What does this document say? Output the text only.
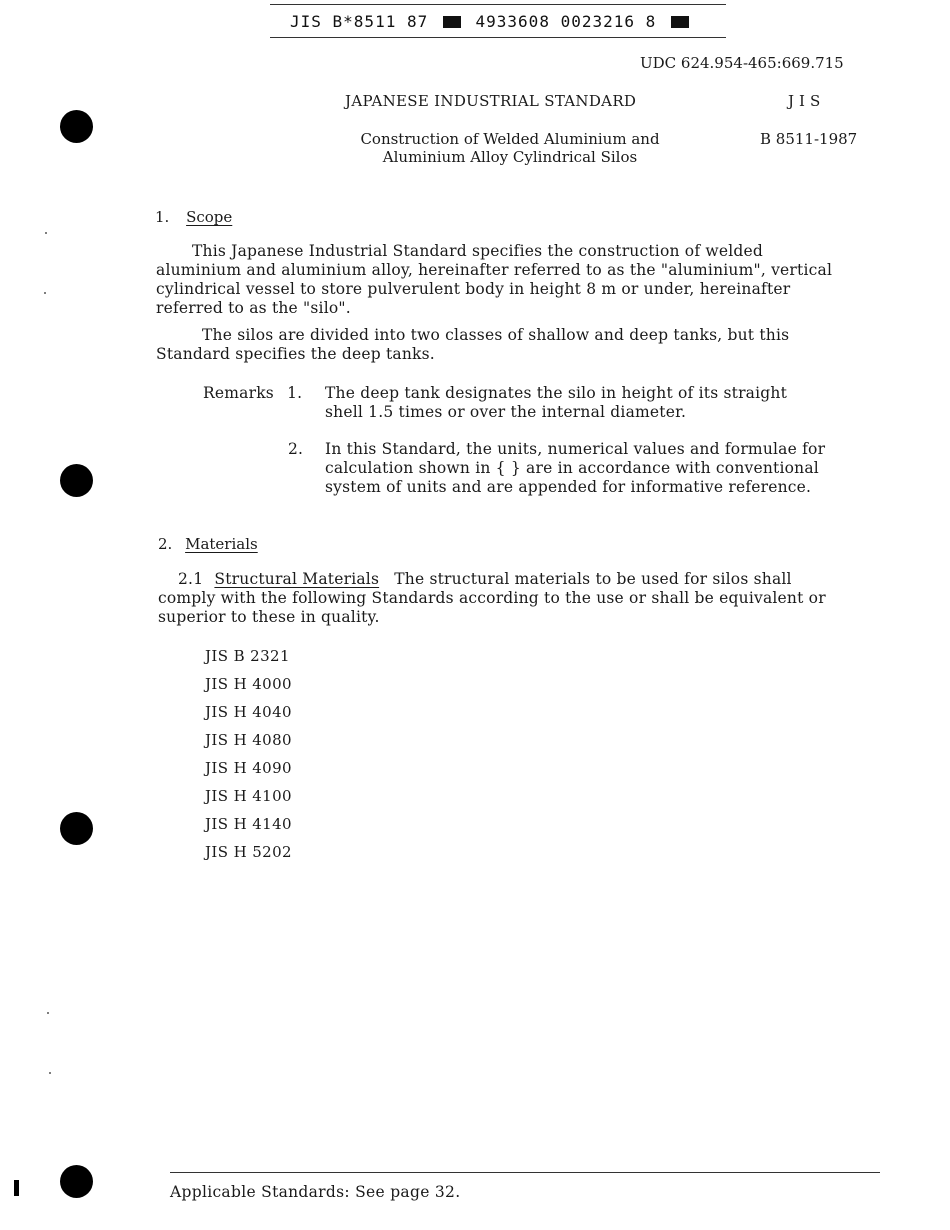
JIS B*8511 87	4933608 0023216 8
UDC 624.954-465:669.715
JAPANESE INDUSTRIAL STANDARD	JIS
Construction of Welded Aluminium and
Aluminium Alloy Cylindrical Silos
B 8511-1987
1. Scope
This Japanese Industrial Standard specifies the construction of welded aluminium and aluminium alloy, hereinafter referred to as the "aluminium", vertical cylindrical vessel to store pulverulent body in height 8 m or under, hereinafter referred to as the "silo".
The silos are divided into two classes of shallow and deep tanks, but this Standard specifies the deep tanks.
Remarks 1. The deep tank designates the silo in height of its straight shell 1.5 times or over the internal diameter.
2. In this Standard, the units, numerical values and formulae for calculation shown in { } are in accordance with conventional system of units and are appended for informative reference.
2. Materials
2.1 Structural Materials The structural materials to be used for silos shall comply with the following Standards according to the use or shall be equivalent or superior to these in quality.
JIS B 2321
JIS H 4000
JIS H 4040
JIS H 4080
JIS H 4090
JIS H 4100
JIS H 4140
JIS H 5202
Applicable Standards: See page 32.
